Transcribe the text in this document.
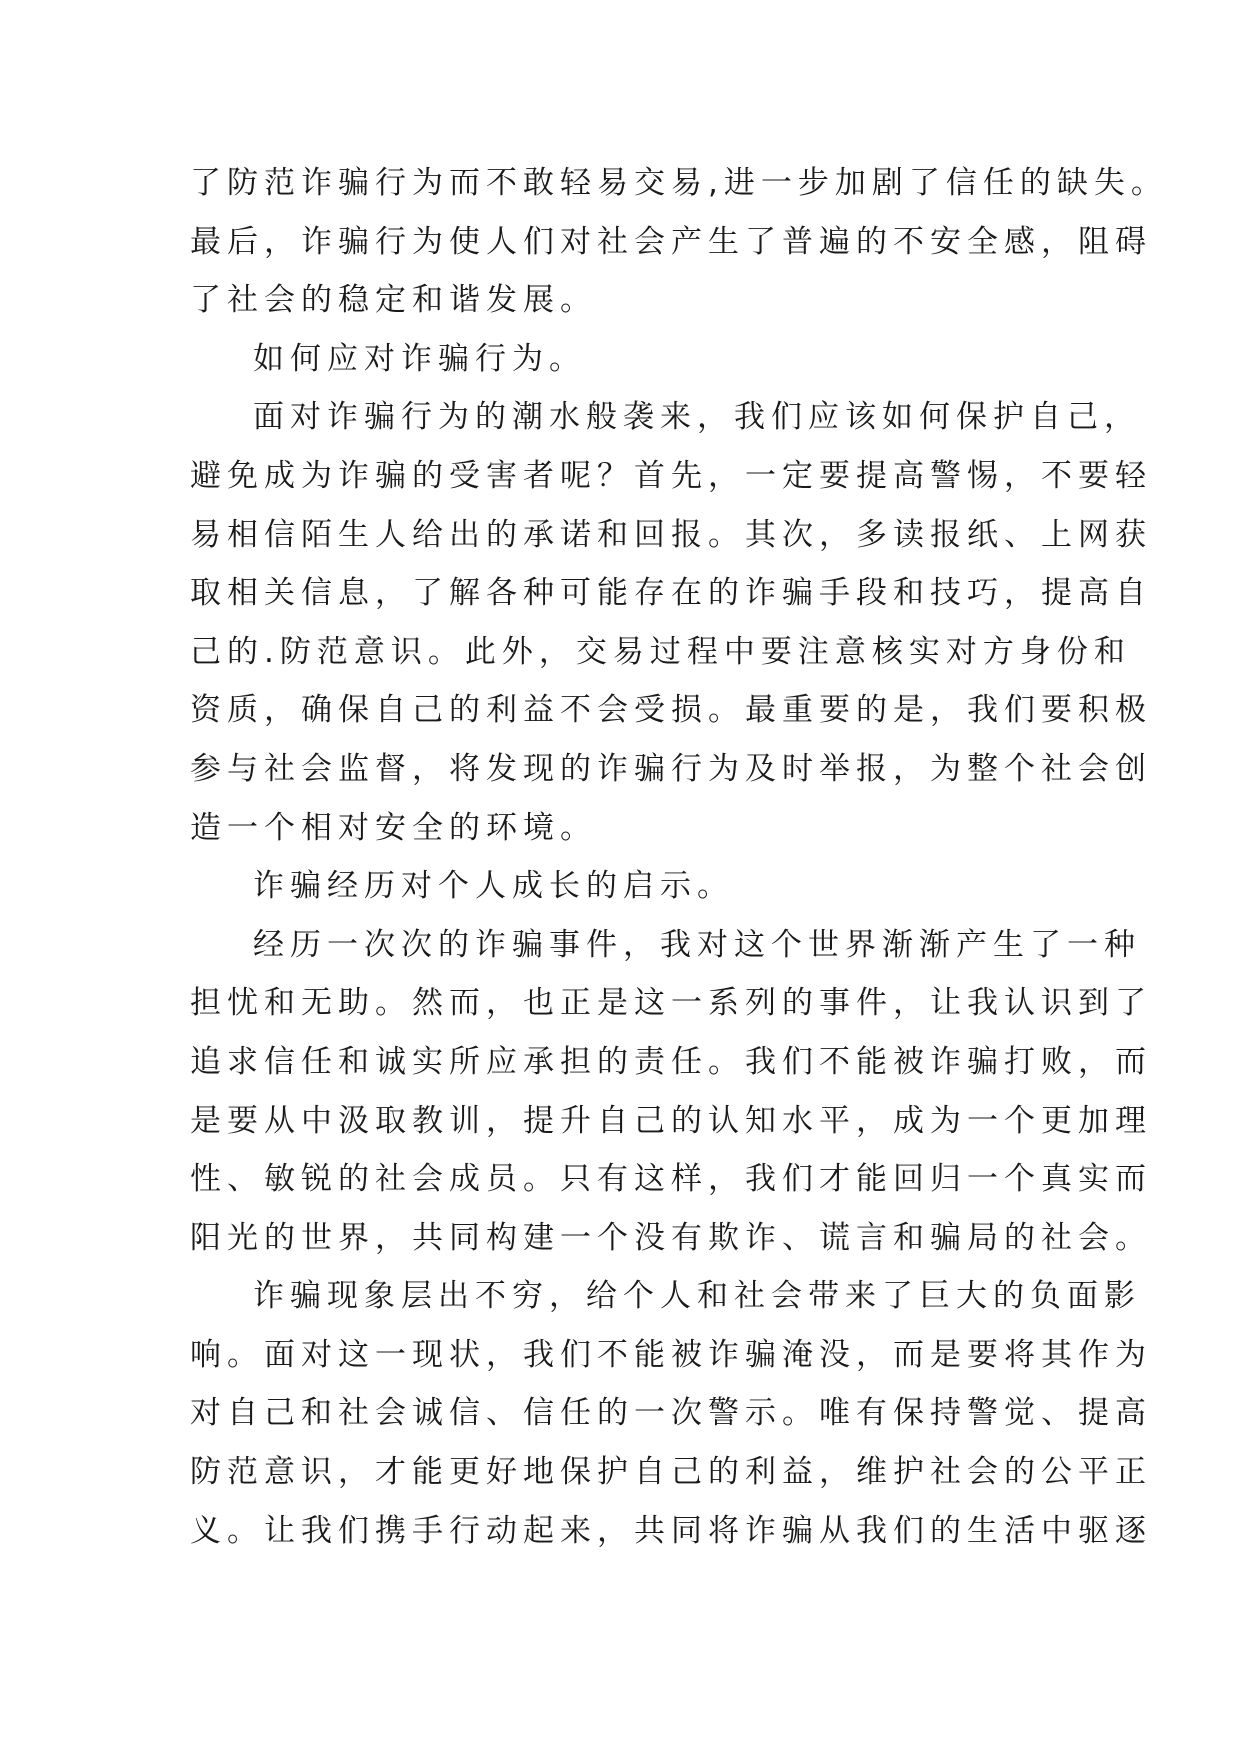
了防范诈骗行为而不敢轻易交易,进一步加剧了信任的缺失。
最后，诈骗行为使人们对社会产生了普遍的不安全感，阻碍
了社会的稳定和谐发展。
如何应对诈骗行为。
面对诈骗行为的潮水般袭来，我们应该如何保护自己，
避免成为诈骗的受害者呢？首先，一定要提高警惕，不要轻
易相信陌生人给出的承诺和回报。其次，多读报纸、上网获
取相关信息，了解各种可能存在的诈骗手段和技巧，提高自
己的.防范意识。此外，交易过程中要注意核实对方身份和
资质，确保自己的利益不会受损。最重要的是，我们要积极
参与社会监督，将发现的诈骗行为及时举报，为整个社会创
造一个相对安全的环境。
诈骗经历对个人成长的启示。
经历一次次的诈骗事件，我对这个世界渐渐产生了一种
担忧和无助。然而，也正是这一系列的事件，让我认识到了
追求信任和诚实所应承担的责任。我们不能被诈骗打败，而
是要从中汲取教训，提升自己的认知水平，成为一个更加理
性、敏锐的社会成员。只有这样，我们才能回归一个真实而
阳光的世界，共同构建一个没有欺诈、谎言和骗局的社会。
诈骗现象层出不穷，给个人和社会带来了巨大的负面影
响。面对这一现状，我们不能被诈骗淹没，而是要将其作为
对自己和社会诚信、信任的一次警示。唯有保持警觉、提高
防范意识，才能更好地保护自己的利益，维护社会的公平正
义。让我们携手行动起来，共同将诈骗从我们的生活中驱逐
